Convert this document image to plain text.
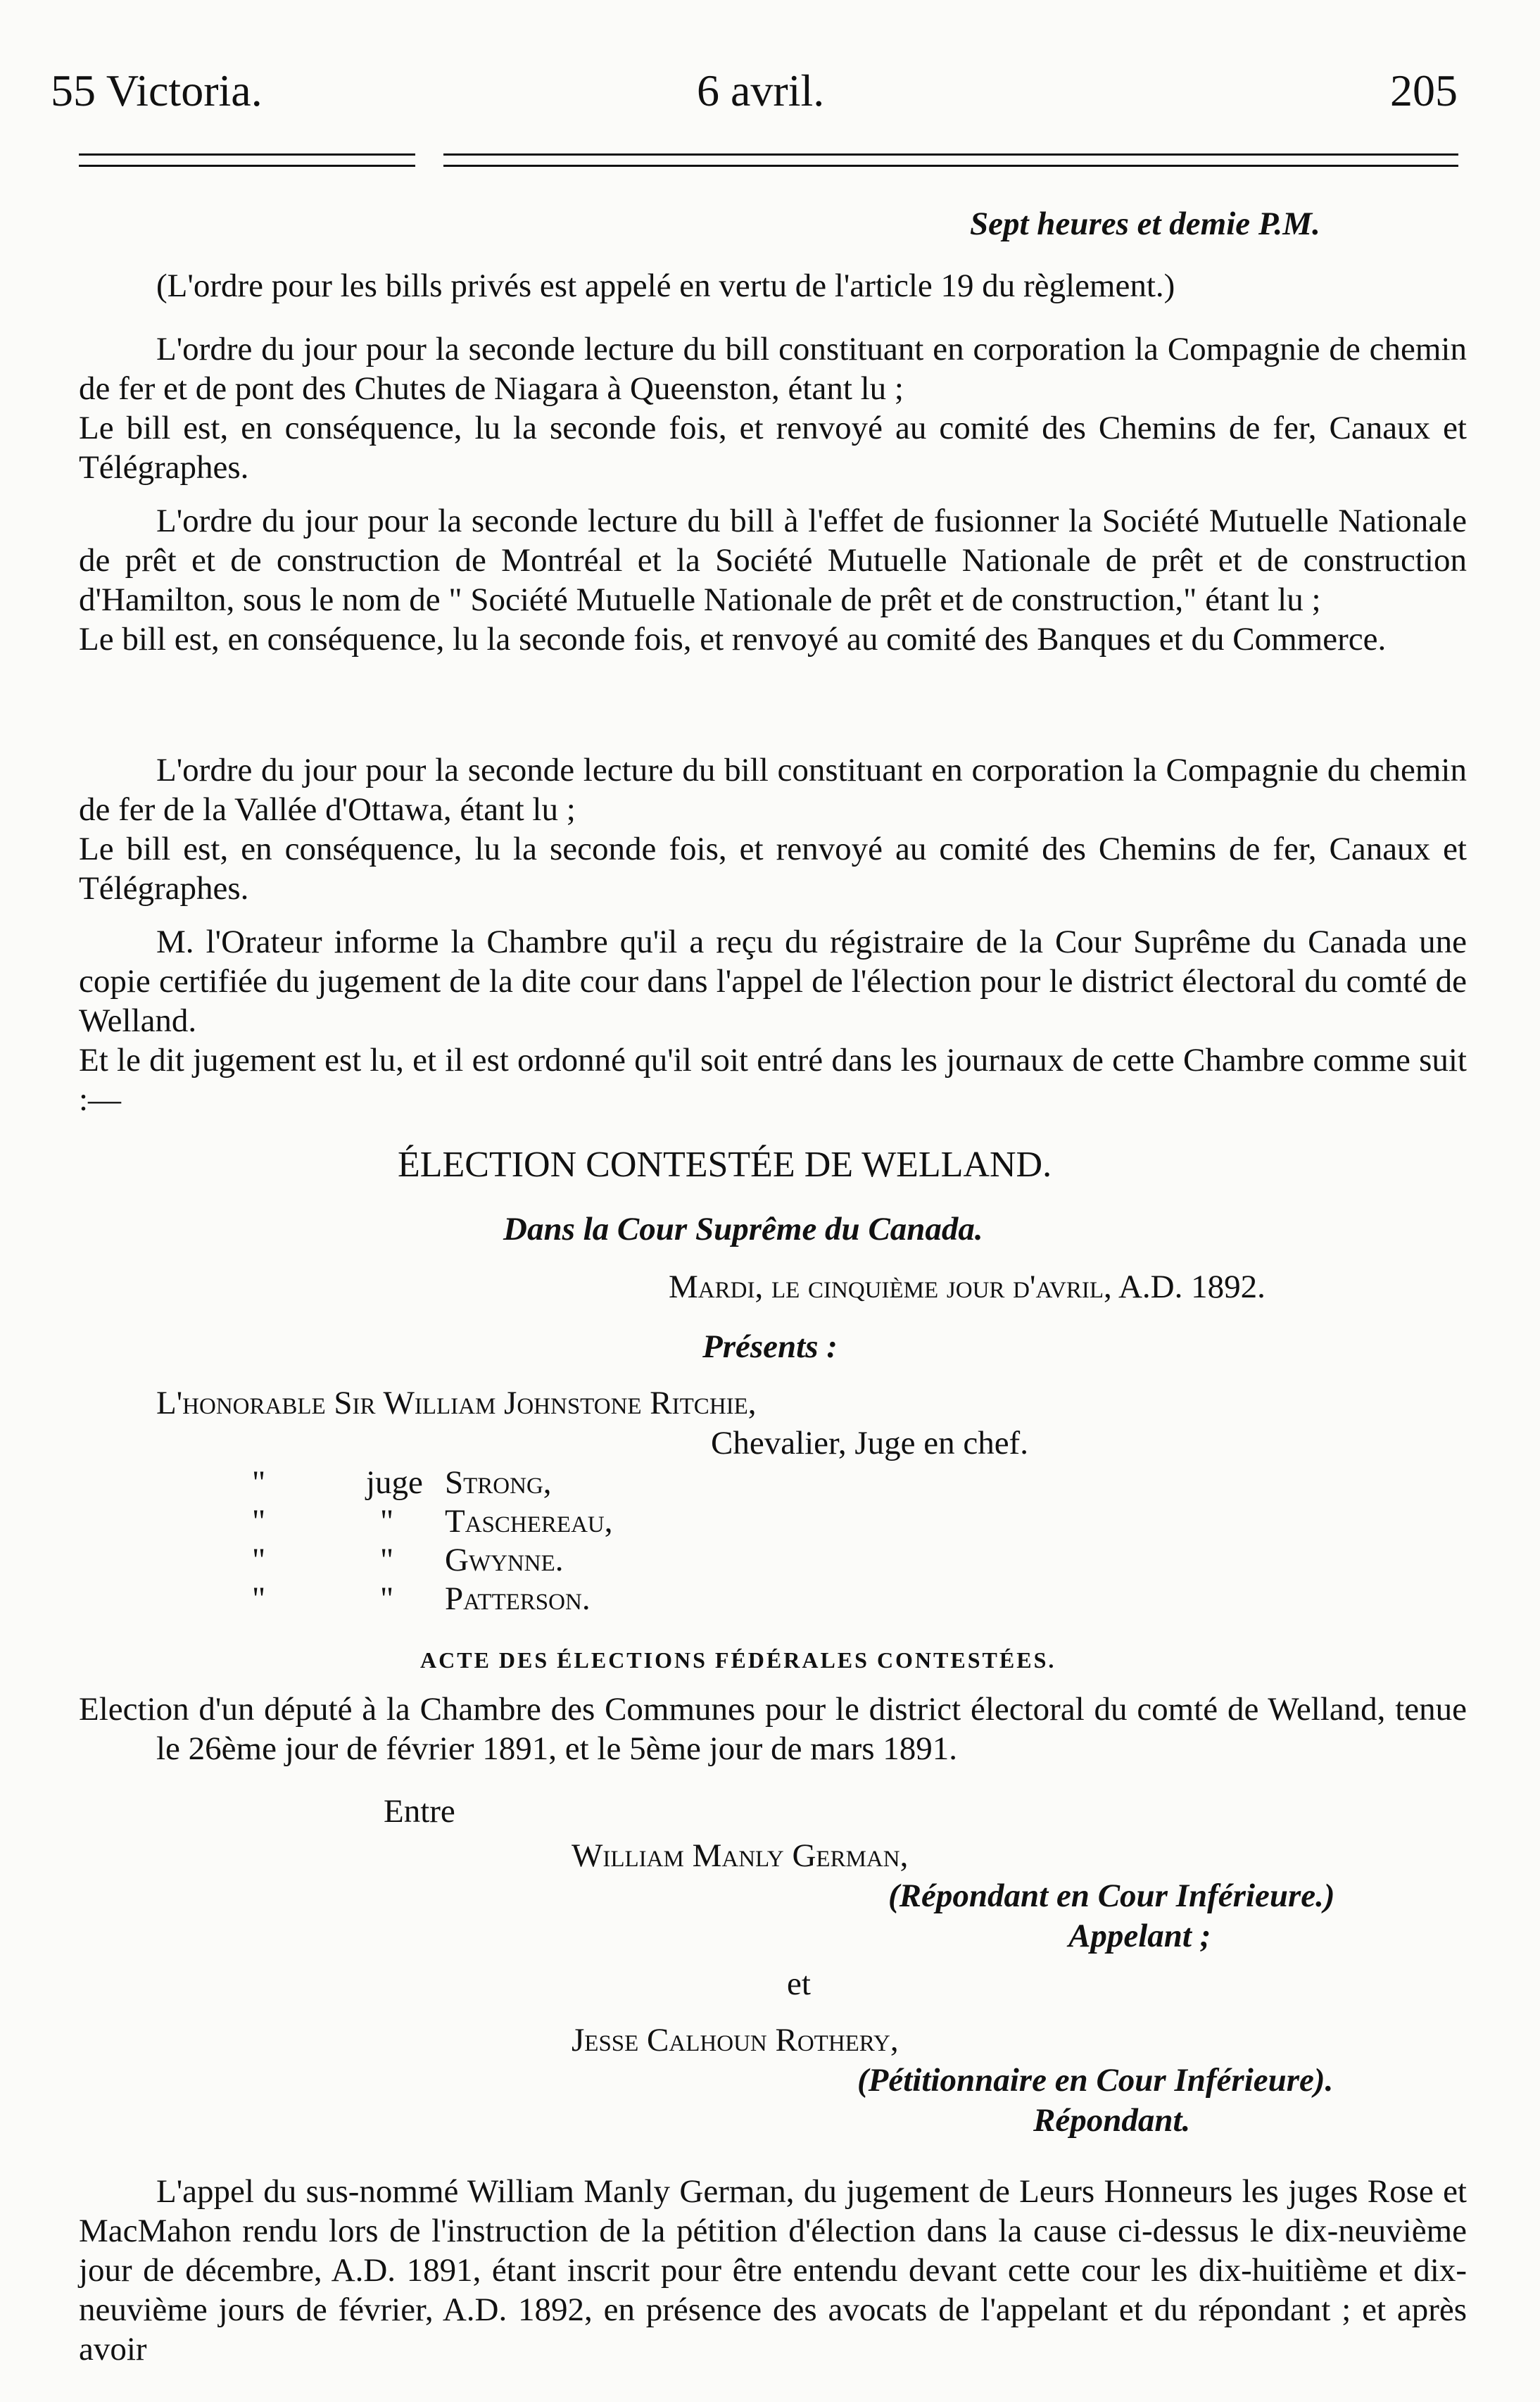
55 Victoria.	6 avril.	205
Sept heures et demie P.M.

(L'ordre pour les bills privés est appelé en vertu de l'article 19 du règlement.)

L'ordre du jour pour la seconde lecture du bill constituant en corporation la Compagnie de chemin de fer et de pont des Chutes de Niagara à Queenston, étant lu ;

Le bill est, en conséquence, lu la seconde fois, et renvoyé au comité des Chemins de fer, Canaux et Télégraphes.

L'ordre du jour pour la seconde lecture du bill à l'effet de fusionner la Société Mutuelle Nationale de prêt et de construction de Montréal et la Société Mutuelle Nationale de prêt et de construction d'Hamilton, sous le nom de " Société Mutuelle Nationale de prêt et de construction," étant lu ;

Le bill est, en conséquence, lu la seconde fois, et renvoyé au comité des Banques et du Commerce.

L'ordre du jour pour la seconde lecture du bill constituant en corporation la Compagnie du chemin de fer de la Vallée d'Ottawa, étant lu ;

Le bill est, en conséquence, lu la seconde fois, et renvoyé au comité des Chemins de fer, Canaux et Télégraphes.

M. l'Orateur informe la Chambre qu'il a reçu du régistraire de la Cour Suprême du Canada une copie certifiée du jugement de la dite cour dans l'appel de l'élection pour le district électoral du comté de Welland.

Et le dit jugement est lu, et il est ordonné qu'il soit entré dans les journaux de cette Chambre comme suit :—

ÉLECTION CONTESTÉE DE WELLAND.
Dans la Cour Suprême du Canada.
Mardi, le cinquième jour d'avril, A.D. 1892.
Présents :
L'honorable Sir William Johnstone Ritchie,
Chevalier, Juge en chef.
"	juge Strong,
"	" Taschereau,
"	" Gwynne.
"	" Patterson.
ACTE DES ÉLECTIONS FÉDÉRALES CONTESTÉES.

Election d'un député à la Chambre des Communes pour le district électoral du comté de Welland, tenue le 26ème jour de février 1891, et le 5ème jour de mars 1891.

Entre
William Manly German,
(Répondant en Cour Inférieure.)
Appelant ;
et
Jesse Calhoun Rothery,
(Pétitionnaire en Cour Inférieure).
Répondant.

L'appel du sus-nommé William Manly German, du jugement de Leurs Honneurs les juges Rose et MacMahon rendu lors de l'instruction de la pétition d'élection dans la cause ci-dessus le dix-neuvième jour de décembre, A.D. 1891, étant inscrit pour être entendu devant cette cour les dix-huitième et dix-neuvième jours de février, A.D. 1892, en présence des avocats de l'appelant et du répondant ; et après avoir
